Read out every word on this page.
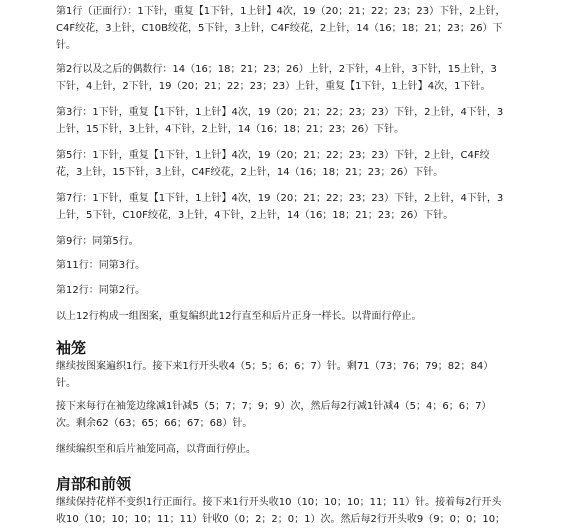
第1行（正面行）：1下针，重复【1下针，1上针】4次，19（20；21；22；23；23）下针，2上针，C4F绞花，3上针，C10B绞花，5下针，3上针，C4F绞花，2上针，14（16；18；21；23；26）下针。

第2行以及之后的偶数行：14（16；18；21；23；26）上针，2下针，4上针，3下针，15上针，3下针，4上针，2下针，19（20；21；22；23；23）上针，重复【1下针，1上针】4次，1下针。

第3行：1下针，重复【1下针，1上针】4次，19（20；21；22；23；23）下针，2上针，4下针，3上针，15下针，3上针，4下针，2上针，14（16；18；21；23；26）下针。

第5行：1下针，重复【1下针，1上针】4次，19（20；21；22；23；23）下针，2上针，C4F绞花，3上针，15下针，3上针，C4F绞花，2上针，14（16；18；21；23；26）下针。

第7行：1下针，重复【1下针，1上针】4次，19（20；21；22；23；23）下针，2上针，4下针，3上针，5下针，C10F绞花，3上针，4下针，2上针，14（16；18；21；23；26）下针。

第9行：同第5行。

第11行：同第3行。

第12行：同第2行。

以上12行构成一组图案，重复编织此12行直至和后片正身一样长。以背面行停止。

袖笼

继续按图案遍织1行。接下来1行开头收4（5；5；6；6；7）针。剩71（73；76；79；82；84）针。

接下来每行在袖笼边缘减1针减5（5；7；7；9；9）次，然后每2行减1针减4（5；4；6；6；7）次。剩余62（63；65；66；67；68）针。

继续编织至和后片袖笼同高，以背面行停止。

肩部和前领

继续保持花样不变织1行正面行。接下来1行开头收10（10；10；10；11；11）针。接着每2行开头收10（10；10；10；11；11）针收0（0；2；2；0；1）次。然后每2行开头收9（9；0；0；10；
